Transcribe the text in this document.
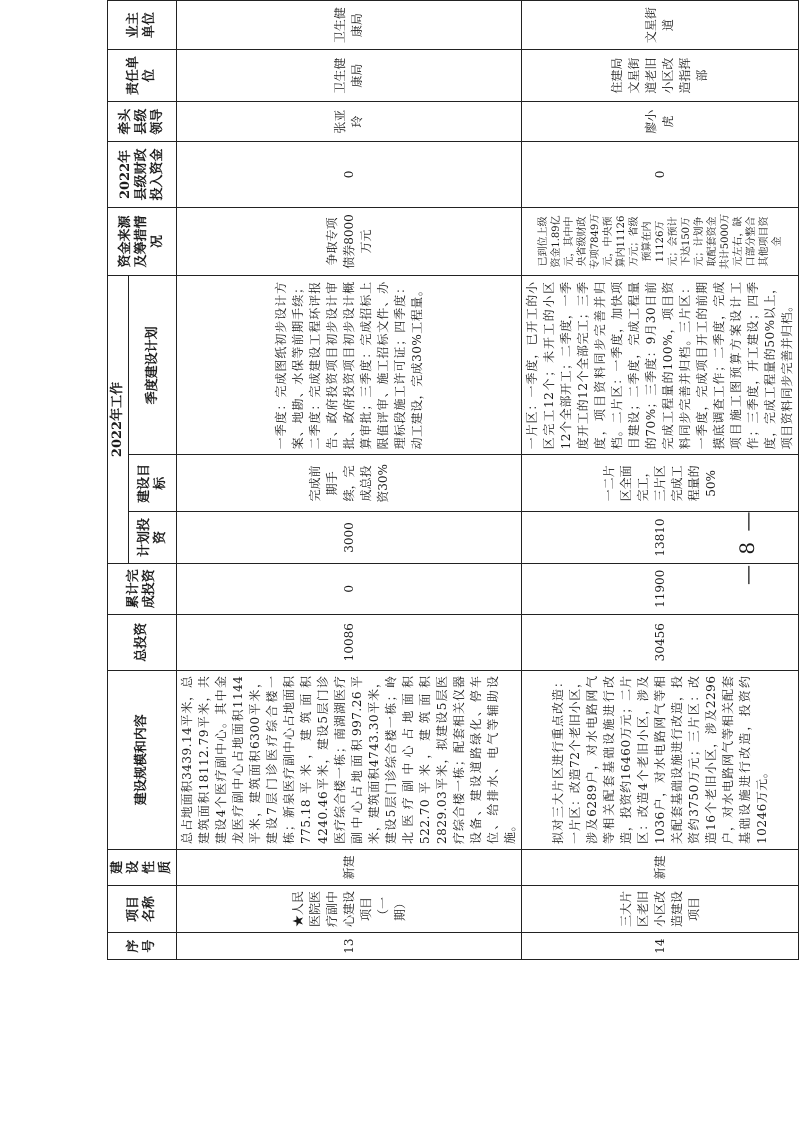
序号	项目名称	建设性质	建设规模和内容	总投资	累计完成投资	2022年工作			资金来源及筹措情况	2022年县级财政投入资金	牵头县级领导	责任单位	业主单位
						计划投资	建设目标	季度建设计划					

13	★人民医院医疗副中心建设项目（一期）	新建	总占地面积3439.14平米，总建筑面积18112.79平米，共建设4个医疗副中心。其中金龙医疗副中心占地面积1144平米，建筑面积6300平米，建设7层门诊医疗综合楼一栋；新泉医疗副中心占地面积775.18平米，建筑面积4240.46平米，建设5层门诊医疗综合楼一栋；南湖湖医疗副中心占地面积997.26平米，建筑面积4743.30平米，建设5层门诊综合楼一栋；岭北医疗副中心占地面积522.70平米，建筑面积2829.03平米，拟建设5层医疗综合楼一栋；配套相关仪器设备、建设道路绿化、停车位、给排水、电气等辅助设施。	10086	0	3000	完成前期手续，完成总投资30%	一季度：完成图纸初步设计方案、地勘、水保等前期手续；二季度：完成建设工程环评报告、政府投资项目初步设计审批、政府投资项目初步设计概算审批；三季度：完成招标上限值评审、施工招标文件、办理标段施工许可证；四季度：动工建设，完成30%工程量。	争取专项债券8000万元	0	张亚玲	卫生健康局	卫生健康局
14	三大片区老旧小区改造建设项目	新建	拟对三大片区进行重点改造：一片区：改造72个老旧小区，涉及6289户，对水电路网气等相关配套基础设施进行改造，投资约16460万元；二片区：改造4个老旧小区，涉及1036户，对水电路网气等相关配套基础设施进行改造，投资约3750万元；三片区：改造16个老旧小区，涉及2296户，对水电路网气等相关配套基础设施进行改造，投资约10246万元。	30456	11900	13810	一二片区全面完工，三片区完成工程量的50%	一片区：一季度，已开工的小区完工12个；未开工的小区12个全部开工；二季度，一季度开工的12个全部完工；三季度，项目资料同步完善并归档。二片区：一季度，加快项目建设；二季度，完成工程量的70%；三季度：9月30日前完成工程量的100%，项目资料同步完善并归档。三片区：一季度，完成项目开工的前期摸底调查工作；二季度，完成项目施工图预算方案设计工作；三季度，开工建设；四季度，完成工程量的50%以上，项目资料同步完善并归档。	已到位上级资金1.89亿元，其中中央省级财政专项7849万元，中央预算内11126万元；省级预算在内11126万元；会预计下达150万元；计划争取配套资金共计5000万元左右，缺口部分整合其他项目资金	0	廖小虎	住建局文星街道老旧小区改造指挥部	文星街道
— 8 —
